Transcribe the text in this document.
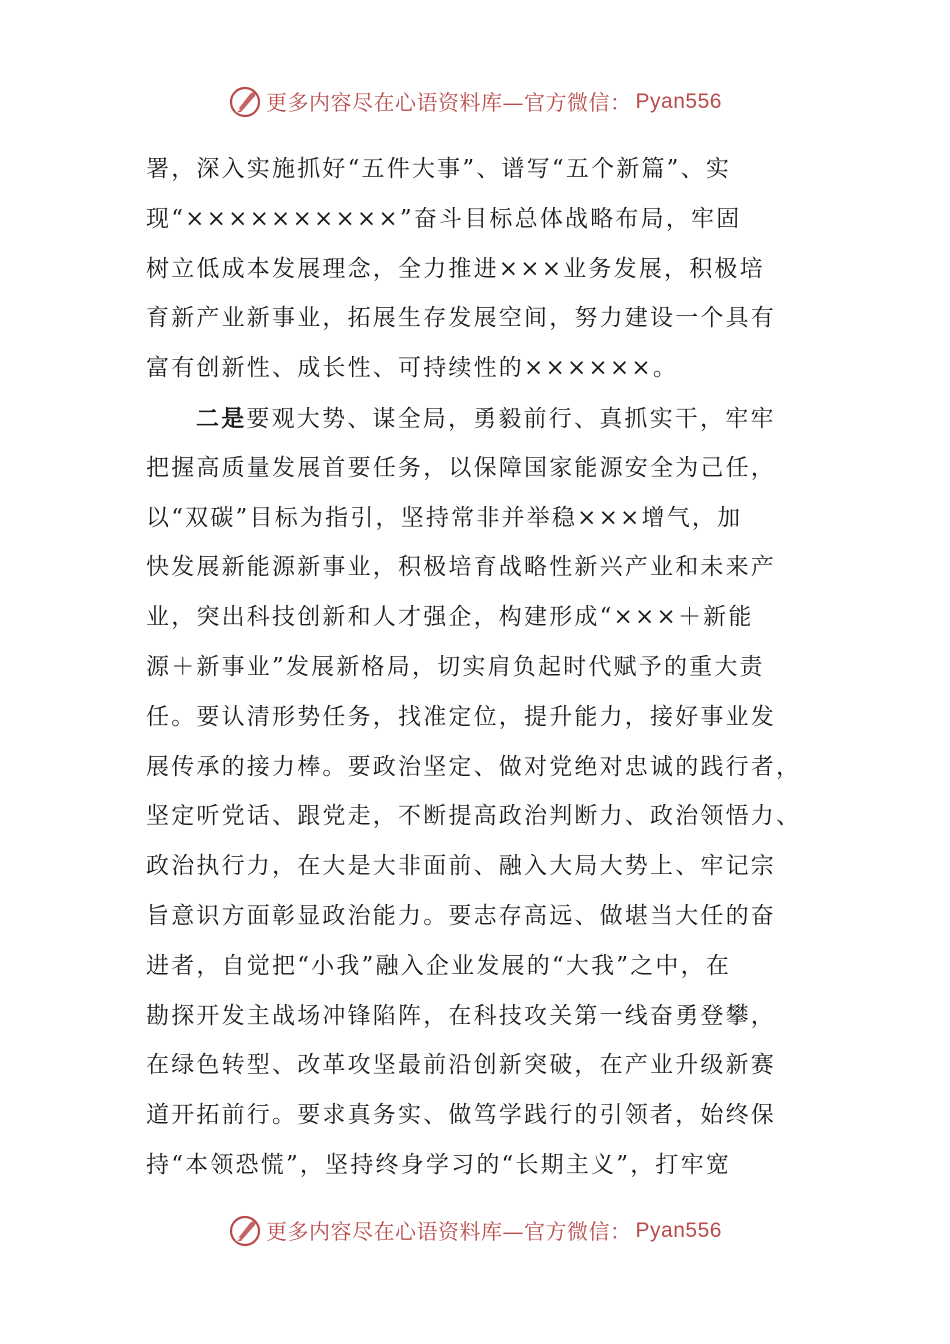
更多内容尽在心语资料库—官方微信： Pyan556
署，深入实施抓好“五件大事”、谱写“五个新篇”、实
现“××××××××××”奋斗目标总体战略布局，牢固
树立低成本发展理念，全力推进×××业务发展，积极培
育新产业新事业，拓展生存发展空间，努力建设一个具有
富有创新性、成长性、可持续性的××××××。
二是要观大势、谋全局，勇毅前行、真抓实干，牢牢
把握高质量发展首要任务，以保障国家能源安全为己任，
以“双碳”目标为指引，坚持常非并举稳×××增气，加
快发展新能源新事业，积极培育战略性新兴产业和未来产
业，突出科技创新和人才强企，构建形成“×××＋新能
源＋新事业”发展新格局，切实肩负起时代赋予的重大责
任。要认清形势任务，找准定位，提升能力，接好事业发
展传承的接力棒。要政治坚定、做对党绝对忠诚的践行者，
坚定听党话、跟党走，不断提高政治判断力、政治领悟力、
政治执行力，在大是大非面前、融入大局大势上、牢记宗
旨意识方面彰显政治能力。要志存高远、做堪当大任的奋
进者，自觉把“小我”融入企业发展的“大我”之中，在
勘探开发主战场冲锋陷阵，在科技攻关第一线奋勇登攀，
在绿色转型、改革攻坚最前沿创新突破，在产业升级新赛
道开拓前行。要求真务实、做笃学践行的引领者，始终保
持“本领恐慌”，坚持终身学习的“长期主义”，打牢宽
更多内容尽在心语资料库—官方微信： Pyan556
